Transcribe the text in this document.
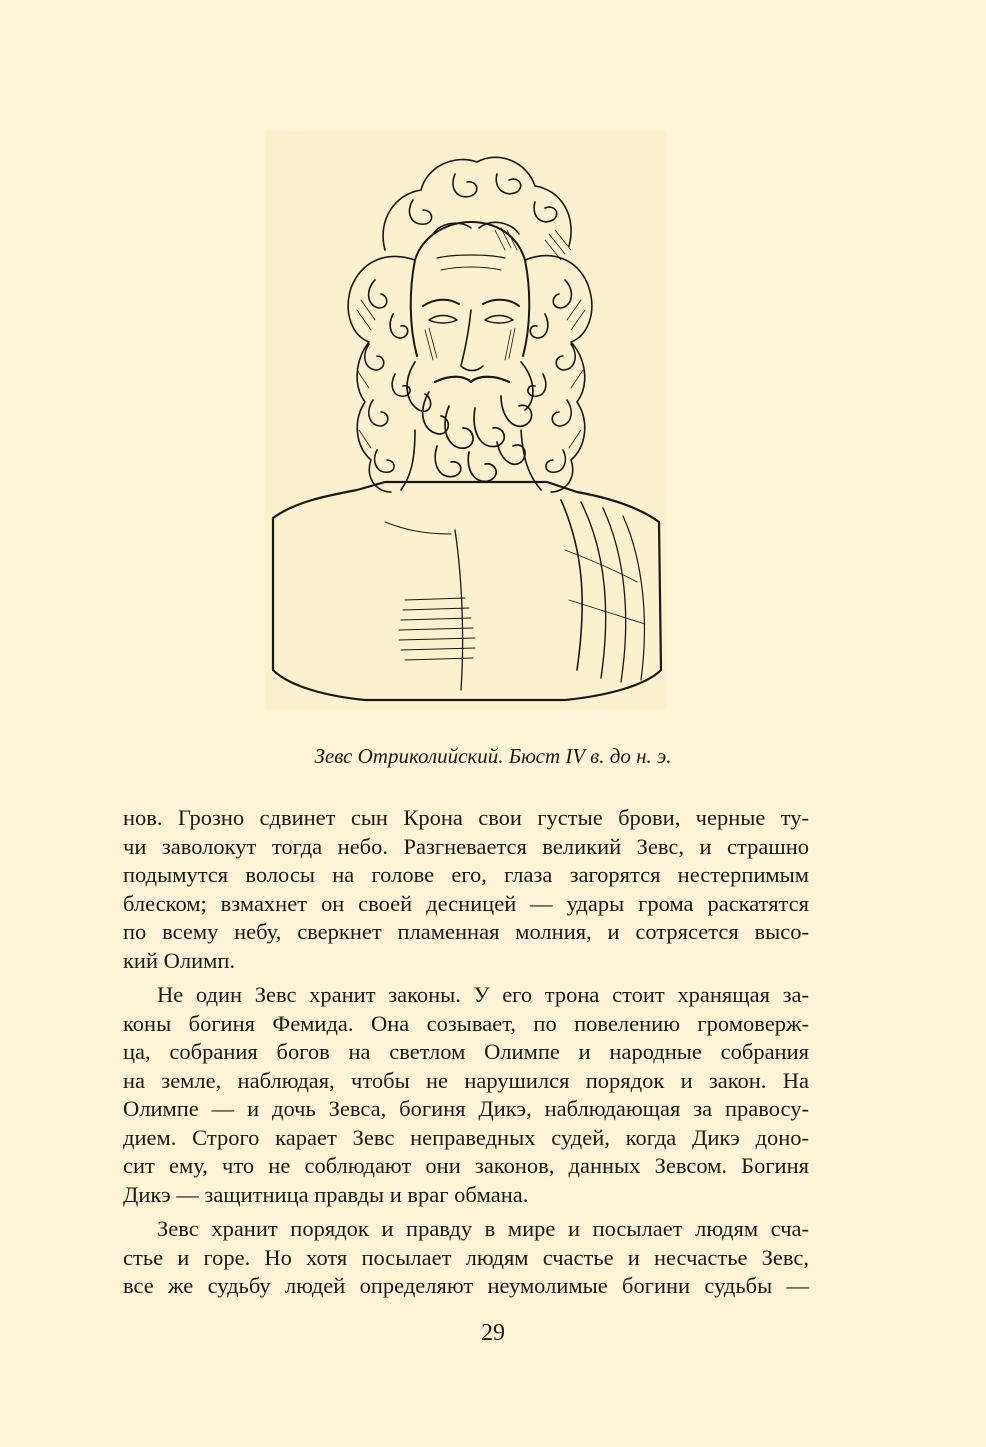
Зевс Отриколийский. Бюст IV в. до н. э.
нов. Грозно сдвинет сын Крона свои густые брови, черные ту-
чи заволокут тогда небо. Разгневается великий Зевс, и страшно
подымутся волосы на голове его, глаза загорятся нестерпимым
блеском; взмахнет он своей десницей — удары грома раскатятся
по всему небу, сверкнет пламенная молния, и сотрясется высо-
кий Олимп.
Не один Зевс хранит законы. У его трона стоит хранящая за-
коны богиня Фемида. Она созывает, по повелению громоверж-
ца, собрания богов на светлом Олимпе и народные собрания
на земле, наблюдая, чтобы не нарушился порядок и закон. На
Олимпе — и дочь Зевса, богиня Дикэ, наблюдающая за правосу-
дием. Строго карает Зевс неправедных судей, когда Дикэ доно-
сит ему, что не соблюдают они законов, данных Зевсом. Богиня
Дикэ — защитница правды и враг обмана.
Зевс хранит порядок и правду в мире и посылает людям сча-
стье и горе. Но хотя посылает людям счастье и несчастье Зевс,
все же судьбу людей определяют неумолимые богини судьбы —
29
